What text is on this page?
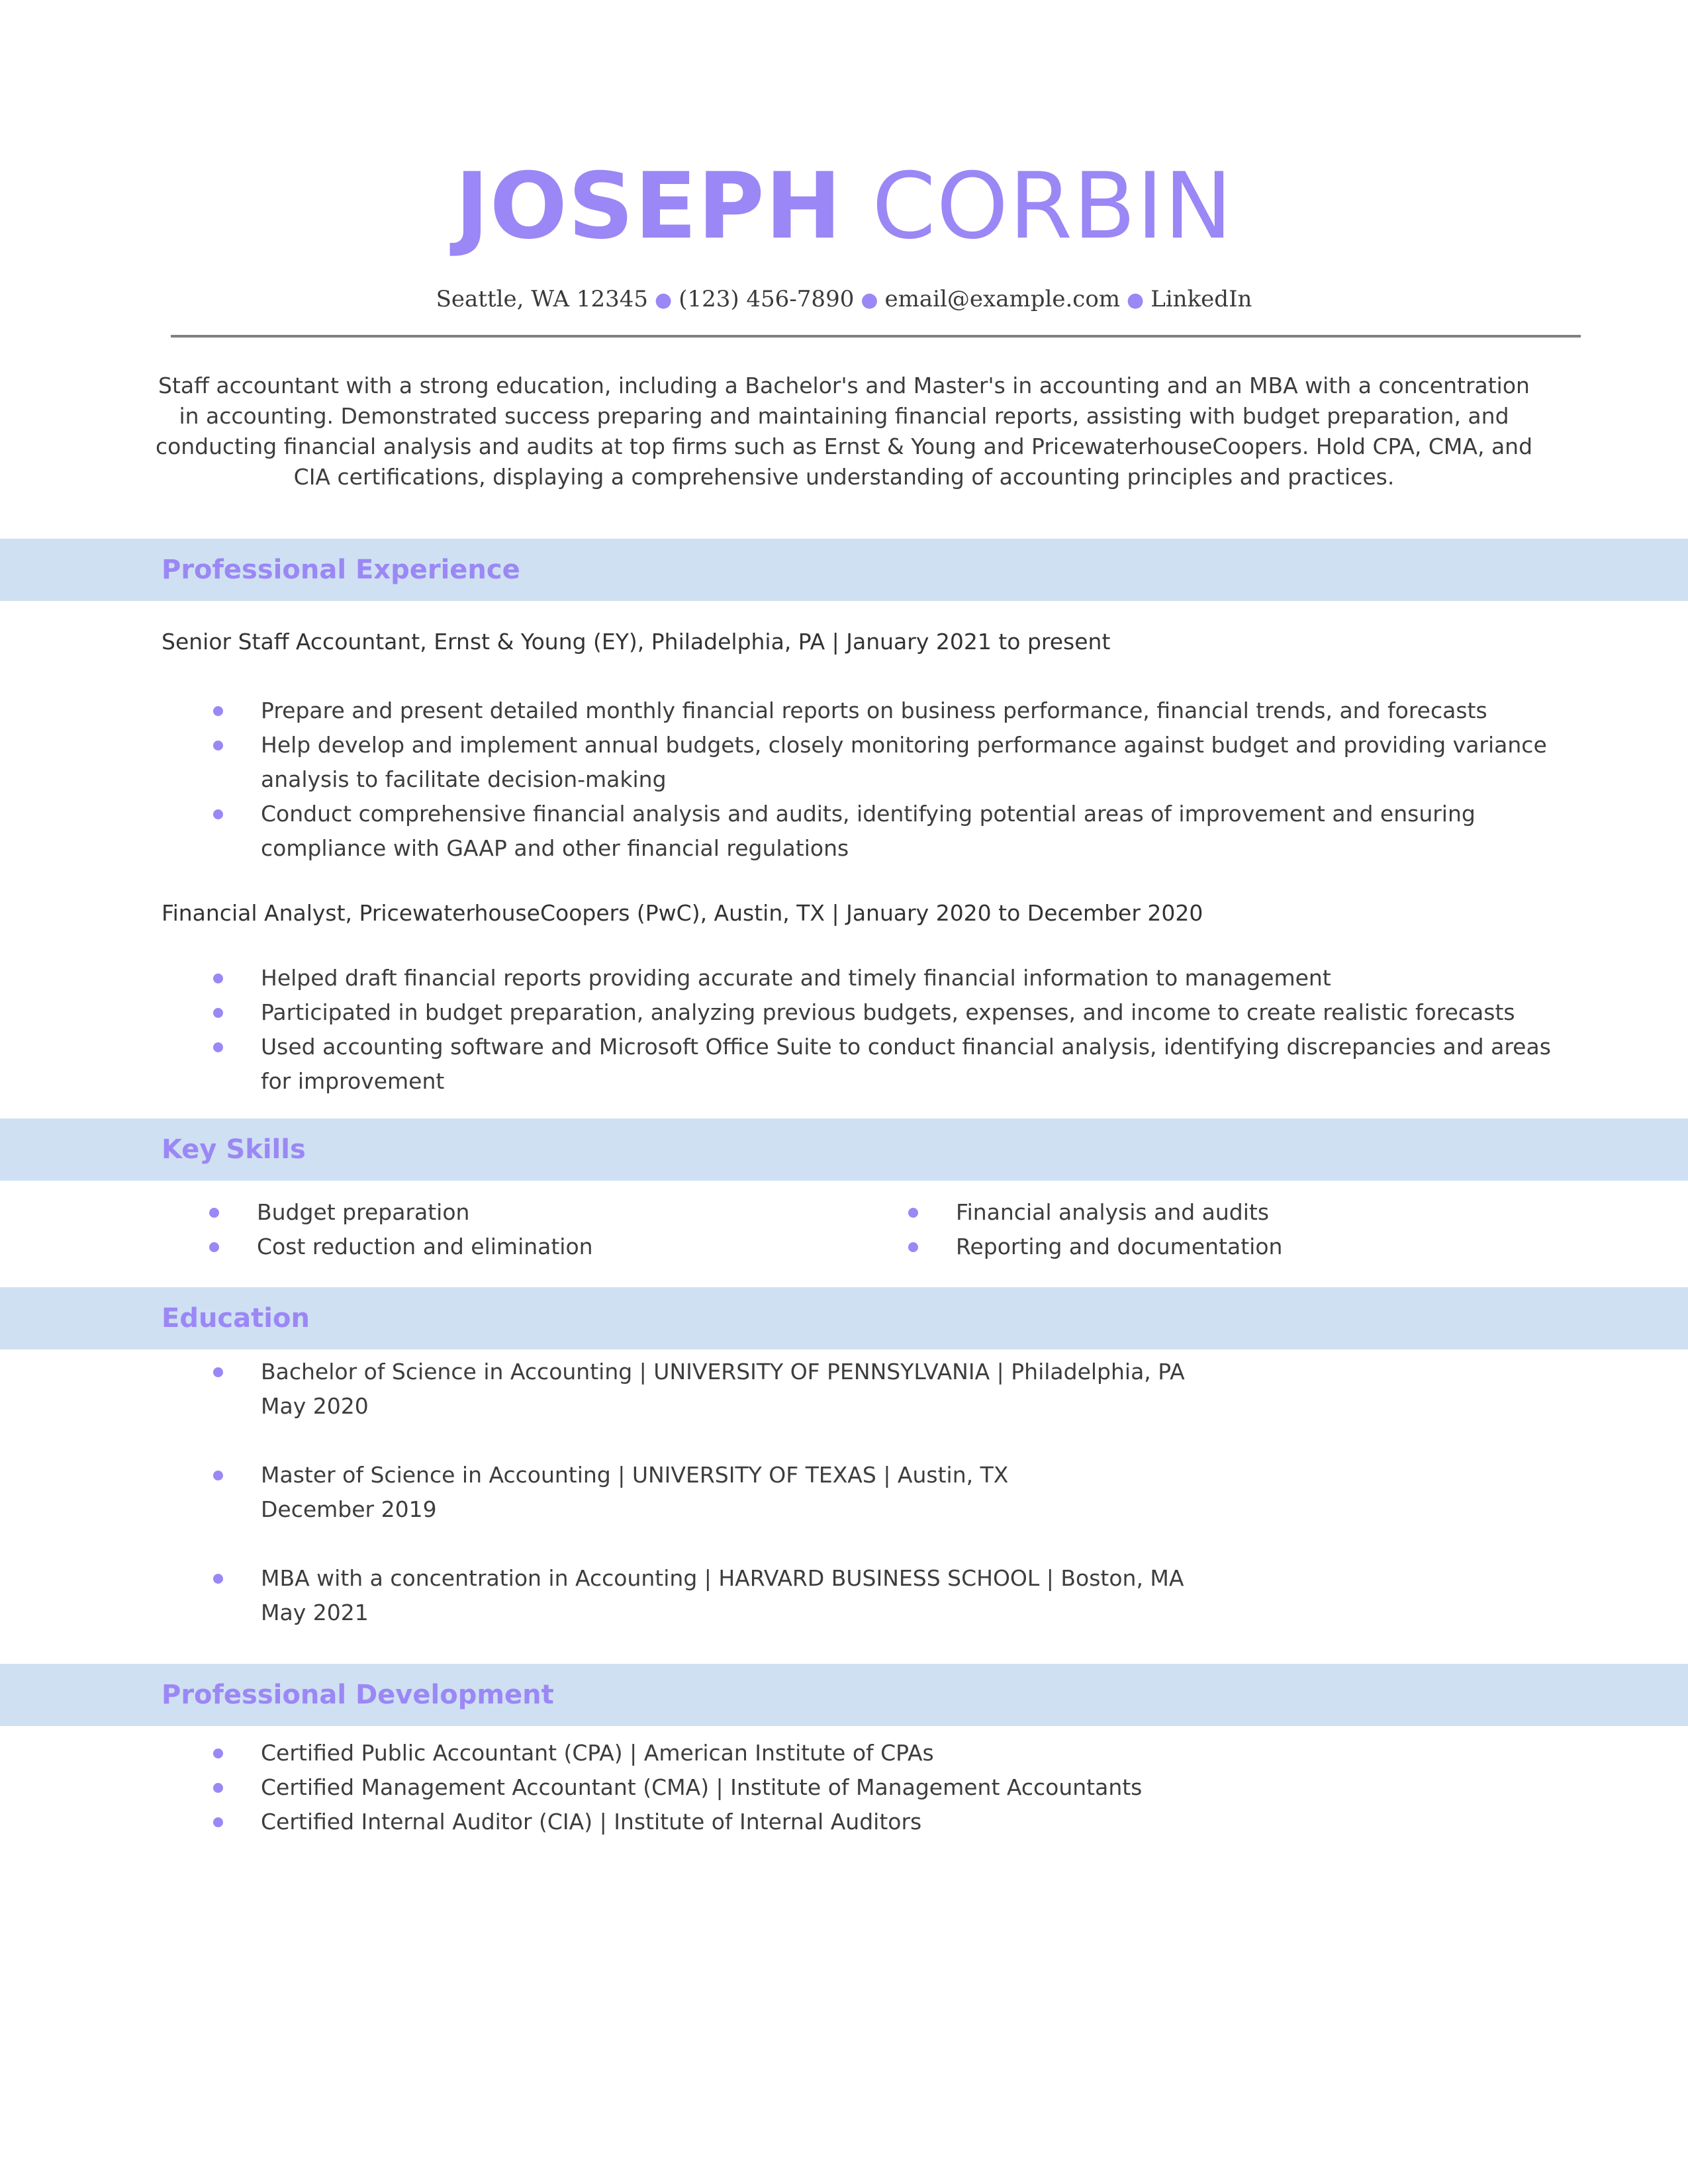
JOSEPH CORBIN
Seattle, WA 12345 ● (123) 456-7890 ● email@example.com ● LinkedIn

Staff accountant with a strong education, including a Bachelor's and Master's in accounting and an MBA with a concentration in accounting. Demonstrated success preparing and maintaining financial reports, assisting with budget preparation, and conducting financial analysis and audits at top firms such as Ernst & Young and PricewaterhouseCoopers. Hold CPA, CMA, and CIA certifications, displaying a comprehensive understanding of accounting principles and practices.

Professional Experience

Senior Staff Accountant, Ernst & Young (EY), Philadelphia, PA | January 2021 to present

Prepare and present detailed monthly financial reports on business performance, financial trends, and forecasts
Help develop and implement annual budgets, closely monitoring performance against budget and providing variance analysis to facilitate decision-making
Conduct comprehensive financial analysis and audits, identifying potential areas of improvement and ensuring compliance with GAAP and other financial regulations

Financial Analyst, PricewaterhouseCoopers (PwC), Austin, TX | January 2020 to December 2020

Helped draft financial reports providing accurate and timely financial information to management
Participated in budget preparation, analyzing previous budgets, expenses, and income to create realistic forecasts
Used accounting software and Microsoft Office Suite to conduct financial analysis, identifying discrepancies and areas for improvement
Key Skills
Budget preparation
Cost reduction and elimination
Financial analysis and audits
Reporting and documentation
Education
Bachelor of Science in Accounting | UNIVERSITY OF PENNSYLVANIA | Philadelphia, PA
May 2020
Master of Science in Accounting | UNIVERSITY OF TEXAS | Austin, TX
December 2019
MBA with a concentration in Accounting | HARVARD BUSINESS SCHOOL | Boston, MA
May 2021
Professional Development
Certified Public Accountant (CPA) | American Institute of CPAs
Certified Management Accountant (CMA) | Institute of Management Accountants
Certified Internal Auditor (CIA) | Institute of Internal Auditors
